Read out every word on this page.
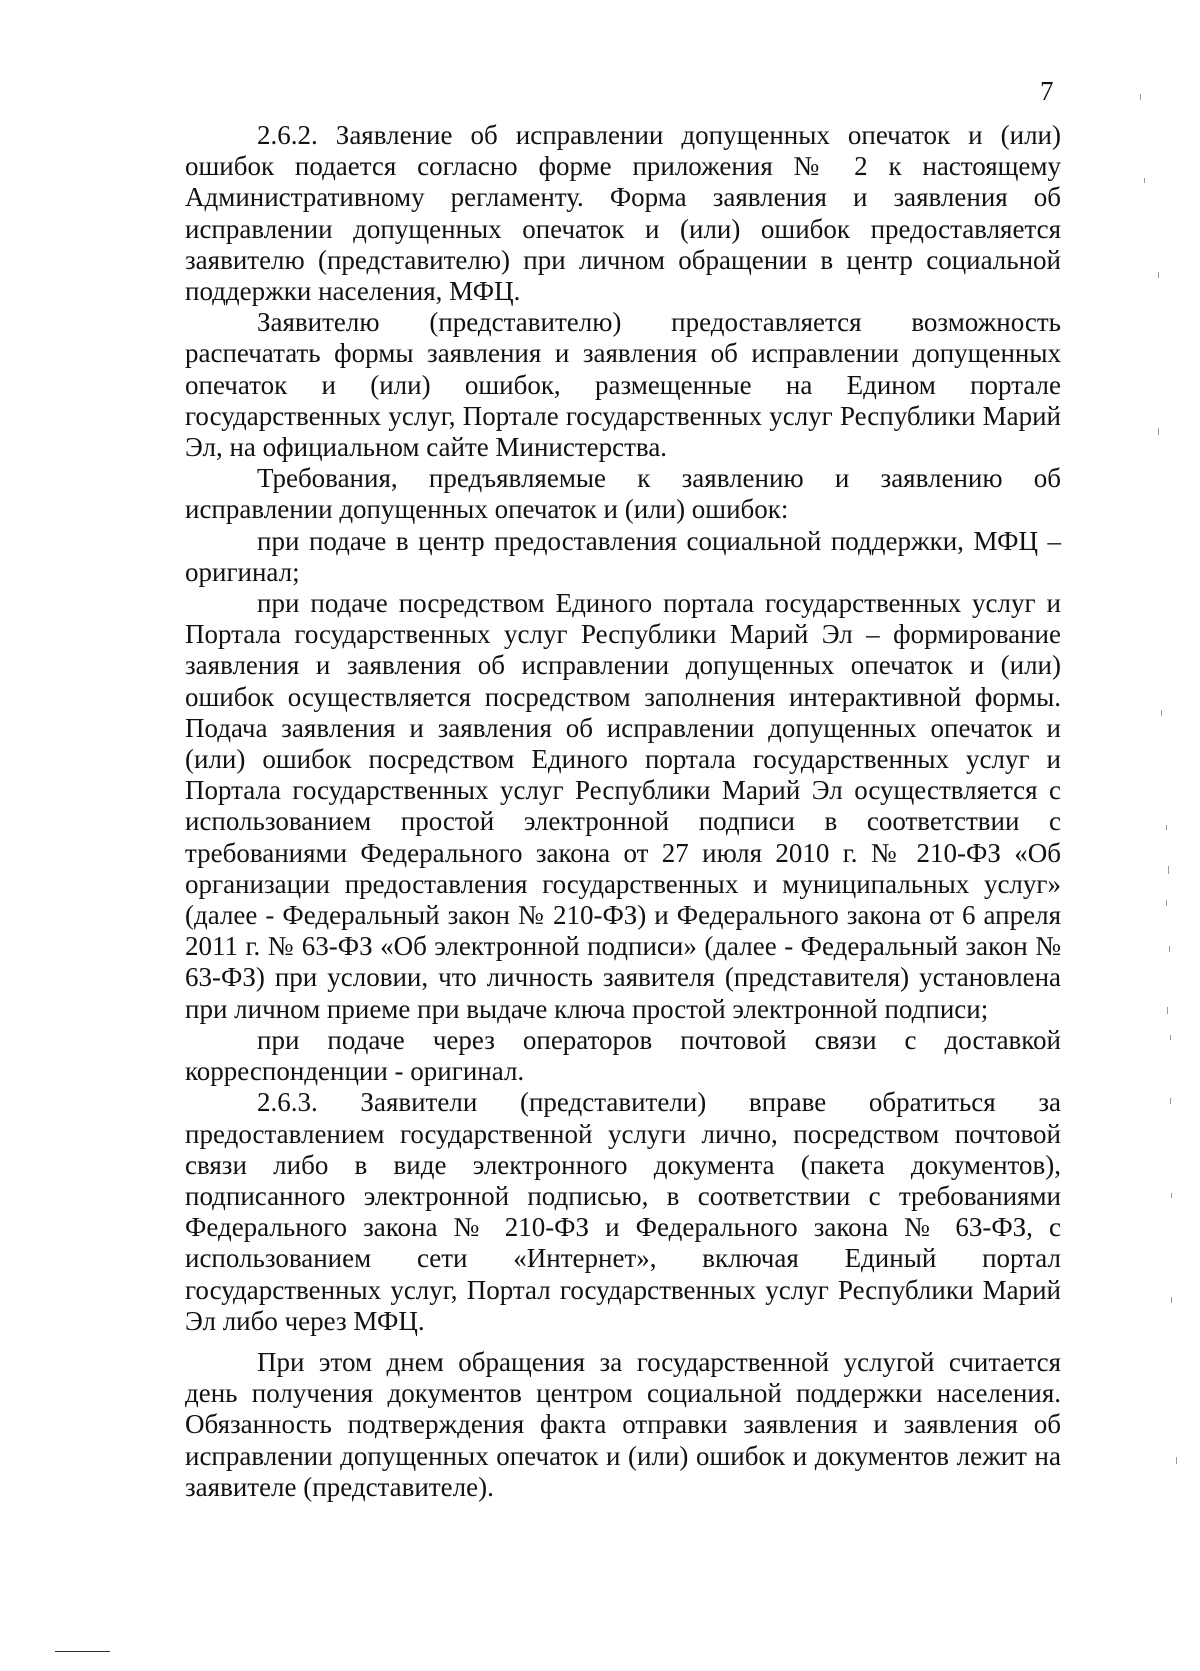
7

2.6.2. Заявление об исправлении допущенных опечаток и (или) ошибок подается согласно форме приложения № 2 к настоящему Административному регламенту. Форма заявления и заявления об исправлении допущенных опечаток и (или) ошибок предоставляется заявителю (представителю) при личном обращении в центр социальной поддержки населения, МФЦ.

Заявителю (представителю) предоставляется возможность распечатать формы заявления и заявления об исправлении допущенных опечаток и (или) ошибок, размещенные на Едином портале государственных услуг, Портале государственных услуг Республики Марий Эл, на официальном сайте Министерства.

Требования, предъявляемые к заявлению и заявлению об исправлении допущенных опечаток и (или) ошибок:

при подаче в центр предоставления социальной поддержки, МФЦ – оригинал;

при подаче посредством Единого портала государственных услуг и Портала государственных услуг Республики Марий Эл – формирование заявления и заявления об исправлении допущенных опечаток и (или) ошибок осуществляется посредством заполнения интерактивной формы. Подача заявления и заявления об исправлении допущенных опечаток и (или) ошибок посредством Единого портала государственных услуг и Портала государственных услуг Республики Марий Эл осуществляется с использованием простой электронной подписи в соответствии с требованиями Федерального закона от 27 июля 2010 г. № 210-ФЗ «Об организации предоставления государственных и муниципальных услуг» (далее - Федеральный закон № 210-ФЗ) и Федерального закона от 6 апреля 2011 г. № 63-ФЗ «Об электронной подписи» (далее - Федеральный закон № 63-ФЗ) при условии, что личность заявителя (представителя) установлена при личном приеме при выдаче ключа простой электронной подписи;

при подаче через операторов почтовой связи с доставкой корреспонденции - оригинал.

2.6.3. Заявители (представители) вправе обратиться за предоставлением государственной услуги лично, посредством почтовой связи либо в виде электронного документа (пакета документов), подписанного электронной подписью, в соответствии с требованиями Федерального закона № 210-ФЗ и Федерального закона № 63-ФЗ, с использованием сети «Интернет», включая Единый портал государственных услуг, Портал государственных услуг Республики Марий Эл либо через МФЦ.

При этом днем обращения за государственной услугой считается день получения документов центром социальной поддержки населения. Обязанность подтверждения факта отправки заявления и заявления об исправлении допущенных опечаток и (или) ошибок и документов лежит на заявителе (представителе).
